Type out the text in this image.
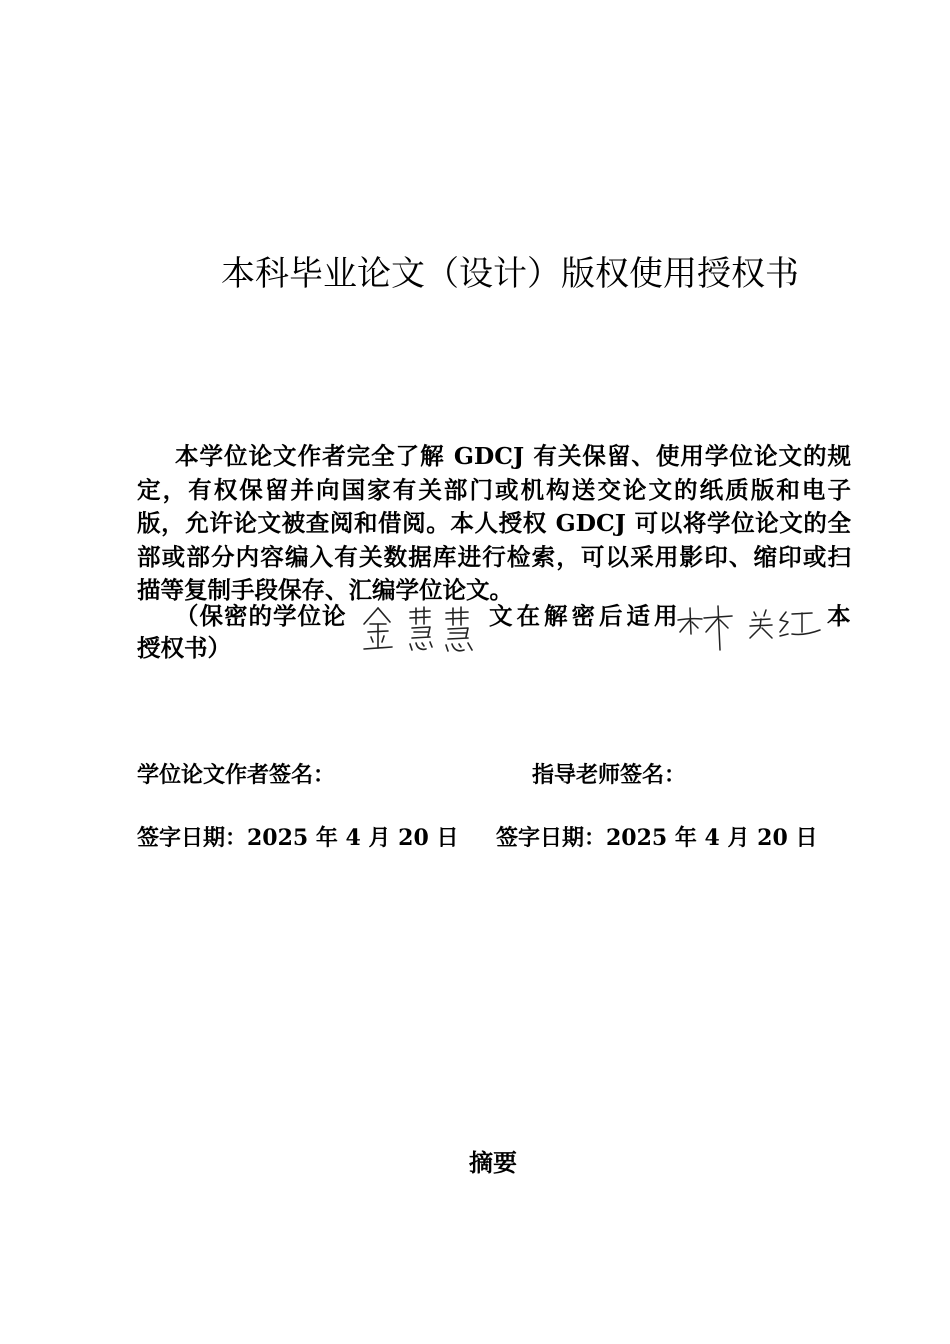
本科毕业论文（设计）版权使用授权书
本学位论文作者完全了解 GDCJ 有关保留、使用学位论文的规
定，有权保留并向国家有关部门或机构送交论文的纸质版和电子
版，允许论文被查阅和借阅。本人授权 GDCJ 可以将学位论文的全
部或部分内容编入有关数据库进行检索，可以采用影印、缩印或扫
描等复制手段保存、汇编学位论文。
（保密的学位论	文在解密后适用	本
授权书）
学位论文作者签名：	指导老师签名：
签字日期：2025 年 4 月 20 日 签字日期：2025 年 4 月 20 日
摘要
